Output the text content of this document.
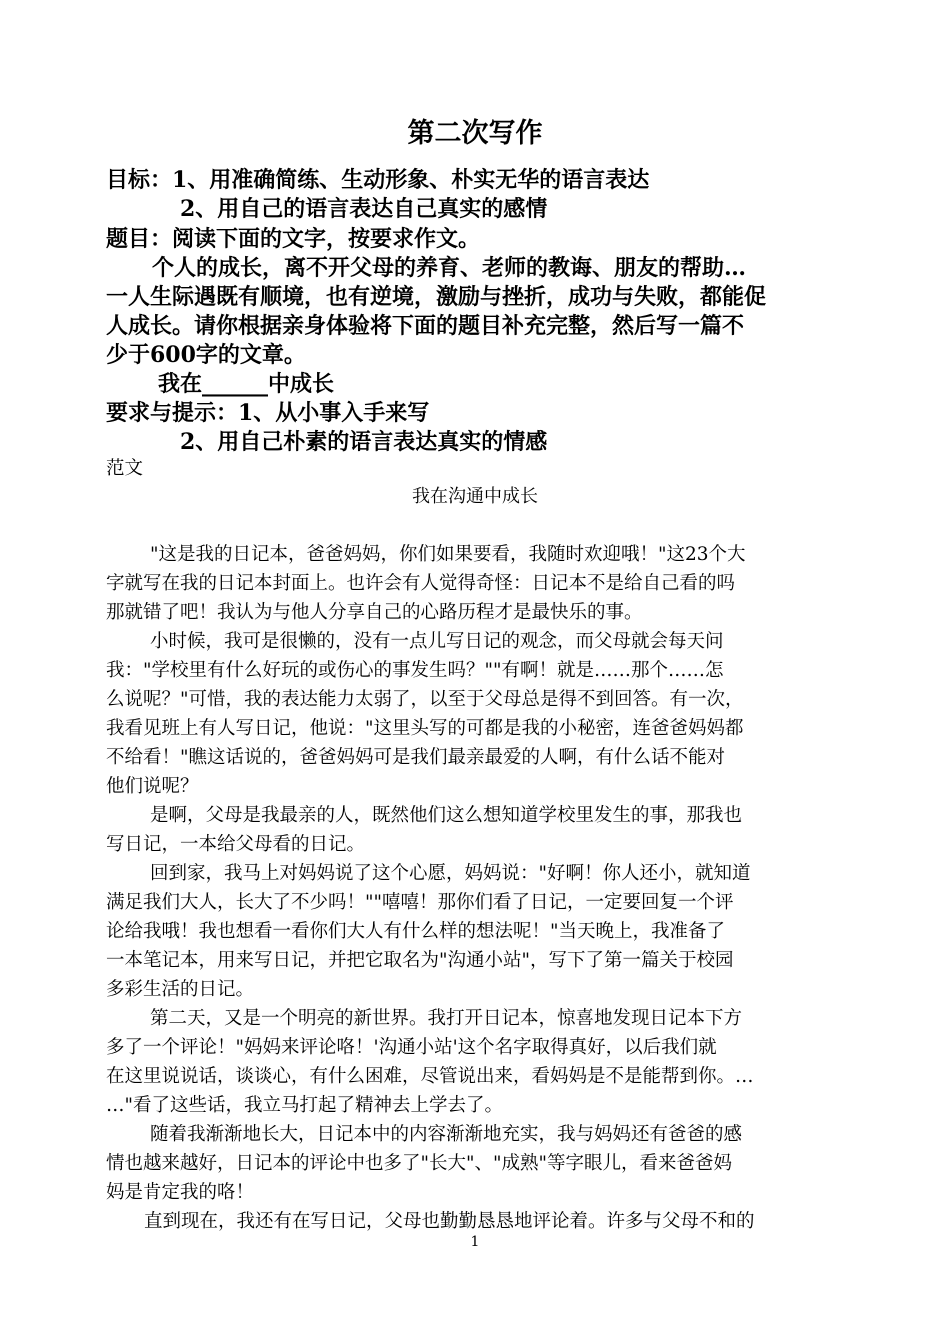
第二次写作
目标：1、用准确简练、生动形象、朴实无华的语言表达
2、用自己的语言表达自己真实的感情
题目：阅读下面的文字，按要求作文。
个人的成长，离不开父母的养育、老师的教诲、朋友的帮助…
一人生际遇既有顺境，也有逆境，激励与挫折，成功与失败，都能促
人成长。请你根据亲身体验将下面的题目补充完整，然后写一篇不
少于600字的文章。
我在______中成长
要求与提示：1、从小事入手来写
2、用自己朴素的语言表达真实的情感
范文
我在沟通中成长
"这是我的日记本，爸爸妈妈，你们如果要看，我随时欢迎哦！"这23个大
字就写在我的日记本封面上。也许会有人觉得奇怪：日记本不是给自己看的吗
那就错了吧！我认为与他人分享自己的心路历程才是最快乐的事。
小时候，我可是很懒的，没有一点儿写日记的观念，而父母就会每天问
我："学校里有什么好玩的或伤心的事发生吗？""有啊！就是……那个……怎
么说呢？"可惜，我的表达能力太弱了，以至于父母总是得不到回答。有一次，
我看见班上有人写日记，他说："这里头写的可都是我的小秘密，连爸爸妈妈都
不给看！"瞧这话说的，爸爸妈妈可是我们最亲最爱的人啊，有什么话不能对
他们说呢？
是啊，父母是我最亲的人，既然他们这么想知道学校里发生的事，那我也
写日记，一本给父母看的日记。
回到家，我马上对妈妈说了这个心愿，妈妈说："好啊！你人还小，就知道
满足我们大人，长大了不少吗！""嘻嘻！那你们看了日记，一定要回复一个评
论给我哦！我也想看一看你们大人有什么样的想法呢！"当天晚上，我准备了
一本笔记本，用来写日记，并把它取名为"沟通小站"，写下了第一篇关于校园
多彩生活的日记。
第二天，又是一个明亮的新世界。我打开日记本，惊喜地发现日记本下方
多了一个评论！"妈妈来评论咯！'沟通小站'这个名字取得真好，以后我们就
在这里说说话，谈谈心，有什么困难，尽管说出来，看妈妈是不是能帮到你。…
…"看了这些话，我立马打起了精神去上学去了。
随着我渐渐地长大，日记本中的内容渐渐地充实，我与妈妈还有爸爸的感
情也越来越好，日记本的评论中也多了"长大"、"成熟"等字眼儿，看来爸爸妈
妈是肯定我的咯！
直到现在，我还有在写日记，父母也勤勤恳恳地评论着。许多与父母不和的
1
